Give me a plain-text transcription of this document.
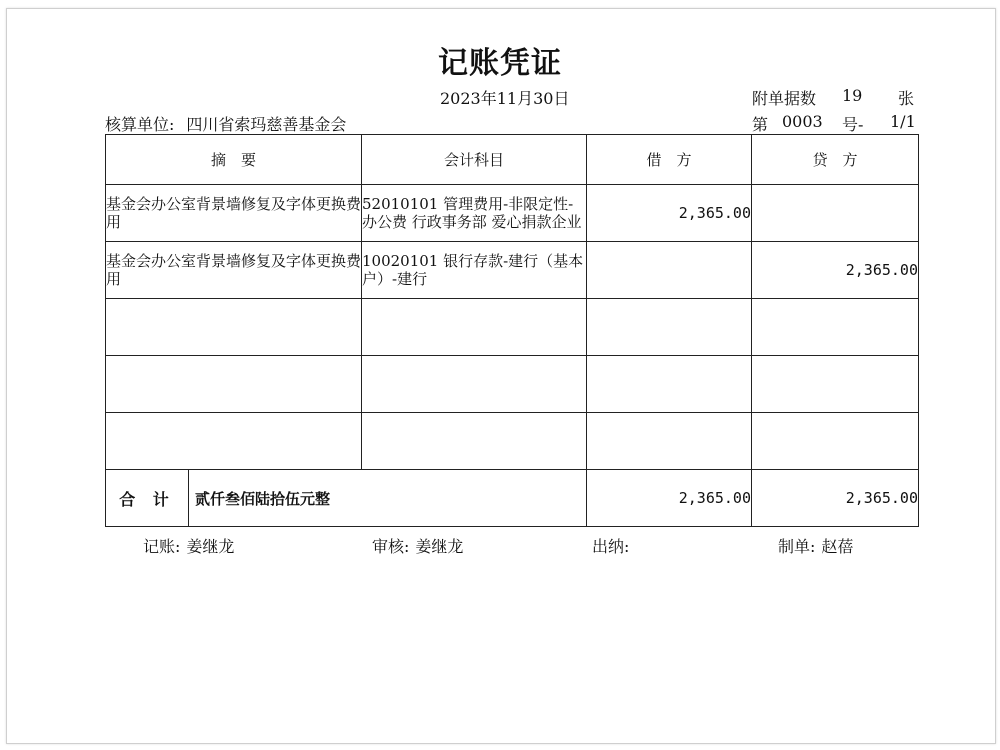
记账凭证
2023年11月30日	附单据数 19 张
核算单位: 四川省索玛慈善基金会	第 0003 号- 1/1
摘　要	会计科目	借　方	贷　方
基金会办公室背景墙修复及字体更换费用	52010101 管理费用-非限定性-办公费 行政事务部 爱心捐款企业	2,365.00	
基金会办公室背景墙修复及字体更换费用	10020101 银行存款-建行（基本户）-建行		2,365.00

合 计 贰仟叁佰陆拾伍元整		2,365.00	2,365.00
记账: 姜继龙	审核: 姜继龙	出纳:	制单: 赵蓓
